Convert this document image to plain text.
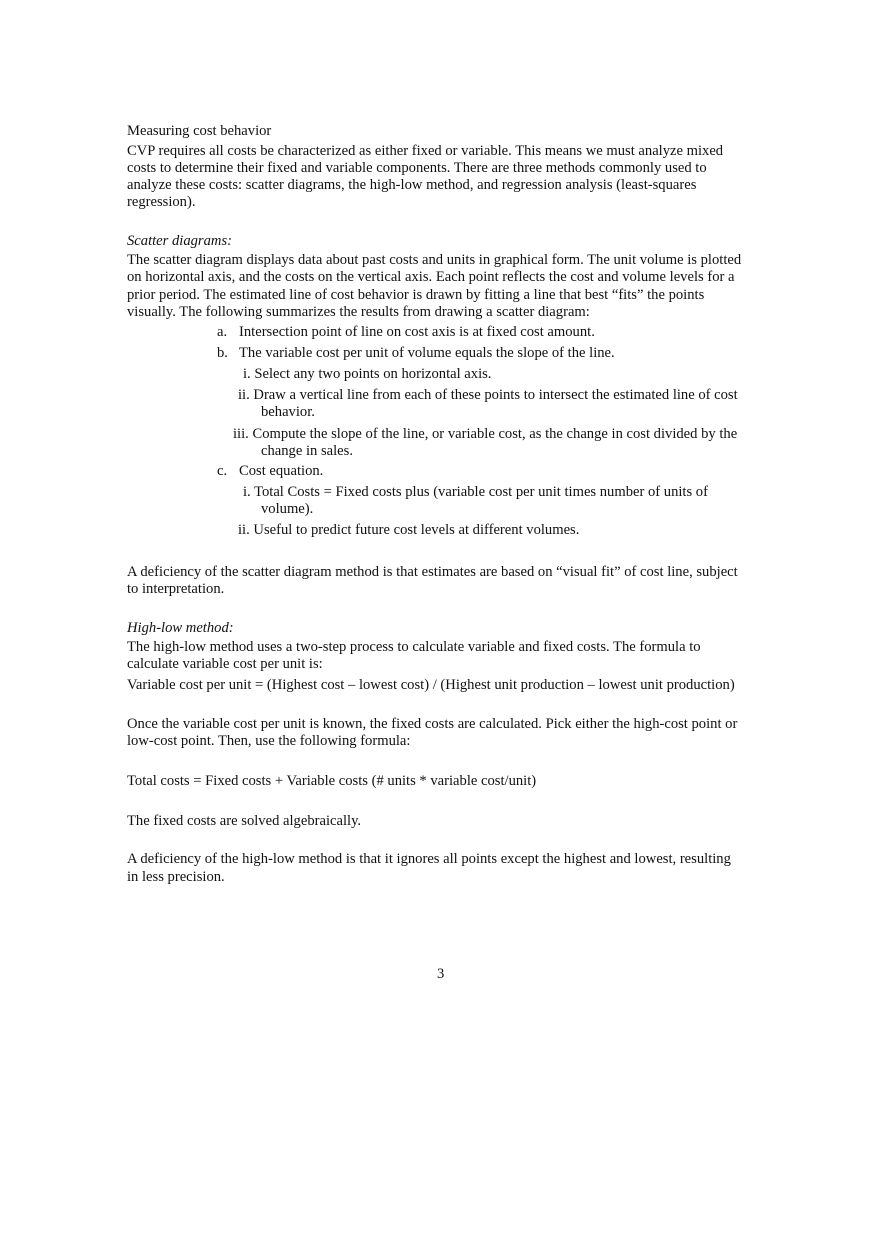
Measuring cost behavior
CVP requires all costs be characterized as either fixed or variable. This means we must analyze mixed
costs to determine their fixed and variable components. There are three methods commonly used to
analyze these costs: scatter diagrams, the high-low method, and regression analysis (least-squares
regression).
Scatter diagrams:
The scatter diagram displays data about past costs and units in graphical form. The unit volume is plotted
on horizontal axis, and the costs on the vertical axis. Each point reflects the cost and volume levels for a
prior period. The estimated line of cost behavior is drawn by fitting a line that best “fits” the points
visually. The following summarizes the results from drawing a scatter diagram:
a. Intersection point of line on cost axis is at fixed cost amount.
b. The variable cost per unit of volume equals the slope of the line.
i. Select any two points on horizontal axis.
ii. Draw a vertical line from each of these points to intersect the estimated line of cost
behavior.
iii. Compute the slope of the line, or variable cost, as the change in cost divided by the
change in sales.
c. Cost equation.
i. Total Costs = Fixed costs plus (variable cost per unit times number of units of
volume).
ii. Useful to predict future cost levels at different volumes.
A deficiency of the scatter diagram method is that estimates are based on “visual fit” of cost line, subject
to interpretation.
High-low method:
The high-low method uses a two-step process to calculate variable and fixed costs. The formula to
calculate variable cost per unit is:
Variable cost per unit = (Highest cost – lowest cost) / (Highest unit production – lowest unit production)
Once the variable cost per unit is known, the fixed costs are calculated. Pick either the high-cost point or
low-cost point. Then, use the following formula:
Total costs = Fixed costs + Variable costs (# units * variable cost/unit)
The fixed costs are solved algebraically.
A deficiency of the high-low method is that it ignores all points except the highest and lowest, resulting
in less precision.
3
